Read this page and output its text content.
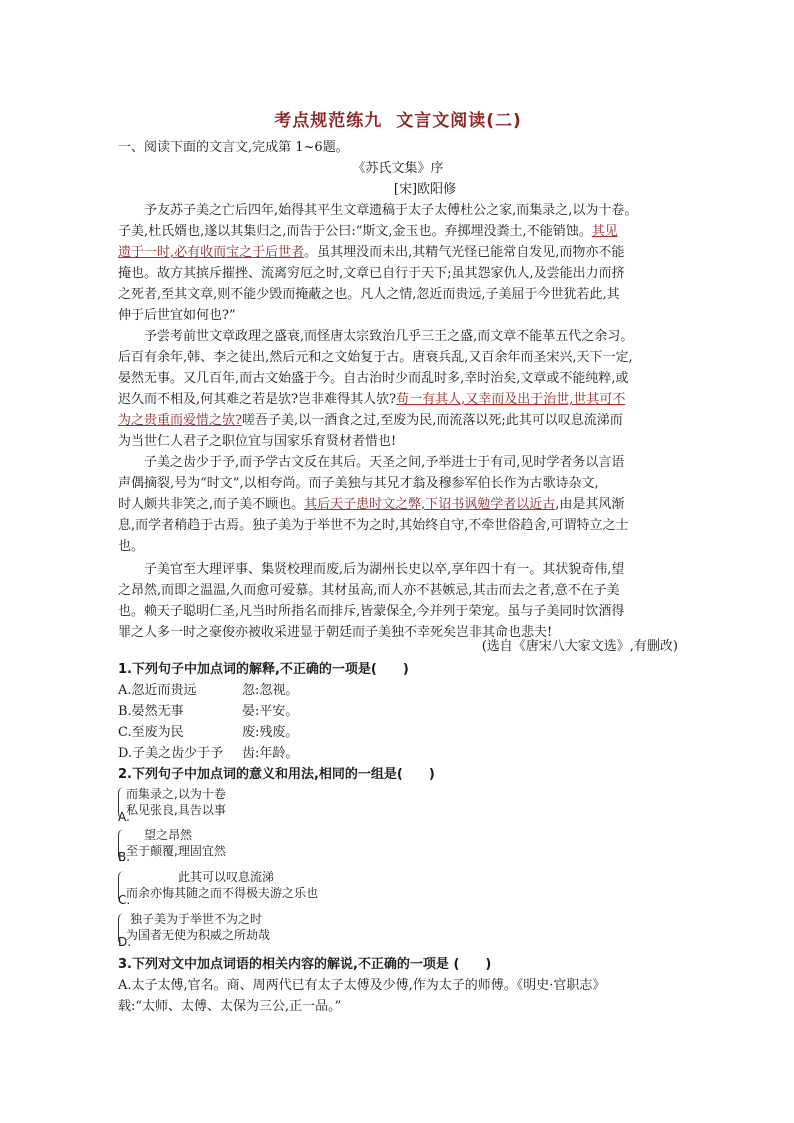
考点规范练九 文言文阅读(二)
一、阅读下面的文言文,完成第 1~6题。
《苏氏文集》序
[宋]欧阳修
予友苏子美之亡后四年,始得其平生文章遗稿于太子太傅杜公之家,而集录之,以为十卷。
子美,杜氏婿也,遂以其集归之,而告于公曰:“斯文,金玉也。弃掷埋没粪土,不能销蚀。其见
遗于一时,必有收而宝之于后世者。虽其埋没而未出,其精气光怪已能常自发见,而物亦不能
掩也。故方其摈斥摧挫、流离穷厄之时,文章已自行于天下;虽其怨家仇人,及尝能出力而挤
之死者,至其文章,则不能少毁而掩蔽之也。凡人之情,忽近而贵远,子美屈于今世犹若此,其
伸于后世宜如何也?”
予尝考前世文章政理之盛衰,而怪唐太宗致治几乎三王之盛,而文章不能革五代之余习。
后百有余年,韩、李之徒出,然后元和之文始复于古。唐衰兵乱,又百余年而圣宋兴,天下一定,
晏然无事。又几百年,而古文始盛于今。自古治时少而乱时多,幸时治矣,文章或不能纯粹,或
迟久而不相及,何其难之若是欤?岂非难得其人欤?苟一有其人,又幸而及出于治世,世其可不
为之贵重而爱惜之欤?嗟吾子美,以一酒食之过,至废为民,而流落以死;此其可以叹息流涕而
为当世仁人君子之职位宜与国家乐育贤材者惜也!
子美之齿少于予,而予学古文反在其后。天圣之间,予举进士于有司,见时学者务以言语
声偶摘裂,号为“时文”,以相夸尚。而子美独与其兄才翁及穆参军伯长作为古歌诗杂文,
时人颇共非笑之,而子美不顾也。其后天子患时文之弊,下诏书讽勉学者以近古,由是其风渐
息,而学者稍趋于古焉。独子美为于举世不为之时,其始终自守,不牵世俗趋舍,可谓特立之士
也。
子美官至大理评事、集贤校理而废,后为湖州长史以卒,享年四十有一。其状貌奇伟,望
之昂然,而即之温温,久而愈可爱慕。其材虽高,而人亦不甚嫉忌,其击而去之者,意不在子美
也。赖天子聪明仁圣,凡当时所指名而排斥,皆蒙保全,今并列于荣宠。虽与子美同时饮酒得
罪之人多一时之豪俊亦被收采进显于朝廷而子美独不幸死矣岂非其命也悲夫!
(选自《唐宋八大家文选》,有删改)
1.下列句子中加点词的解释,不正确的一项是(　　)
A.忽近而贵远	忽:忽视。
B.晏然无事	晏:平安。
C.至废为民	废:残废。
D.子美之齿少于予 齿:年龄。
2.下列句子中加点词的意义和用法,相同的一组是(　　)
而集录之,以为十卷
私见张良,具告以事
A.
望之昂然
至于颠覆,理固宜然
B.
此其可以叹息流涕
而余亦悔其随之而不得极夫游之乐也
C.
独子美为于举世不为之时
为国者无使为积威之所劫哉
D.
3.下列对文中加点词语的相关内容的解说,不正确的一项是 (　　)
A.太子太傅,官名。商、周两代已有太子太傅及少傅,作为太子的师傅。《明史·官职志》
载:“太师、太傅、太保为三公,正一品。”
